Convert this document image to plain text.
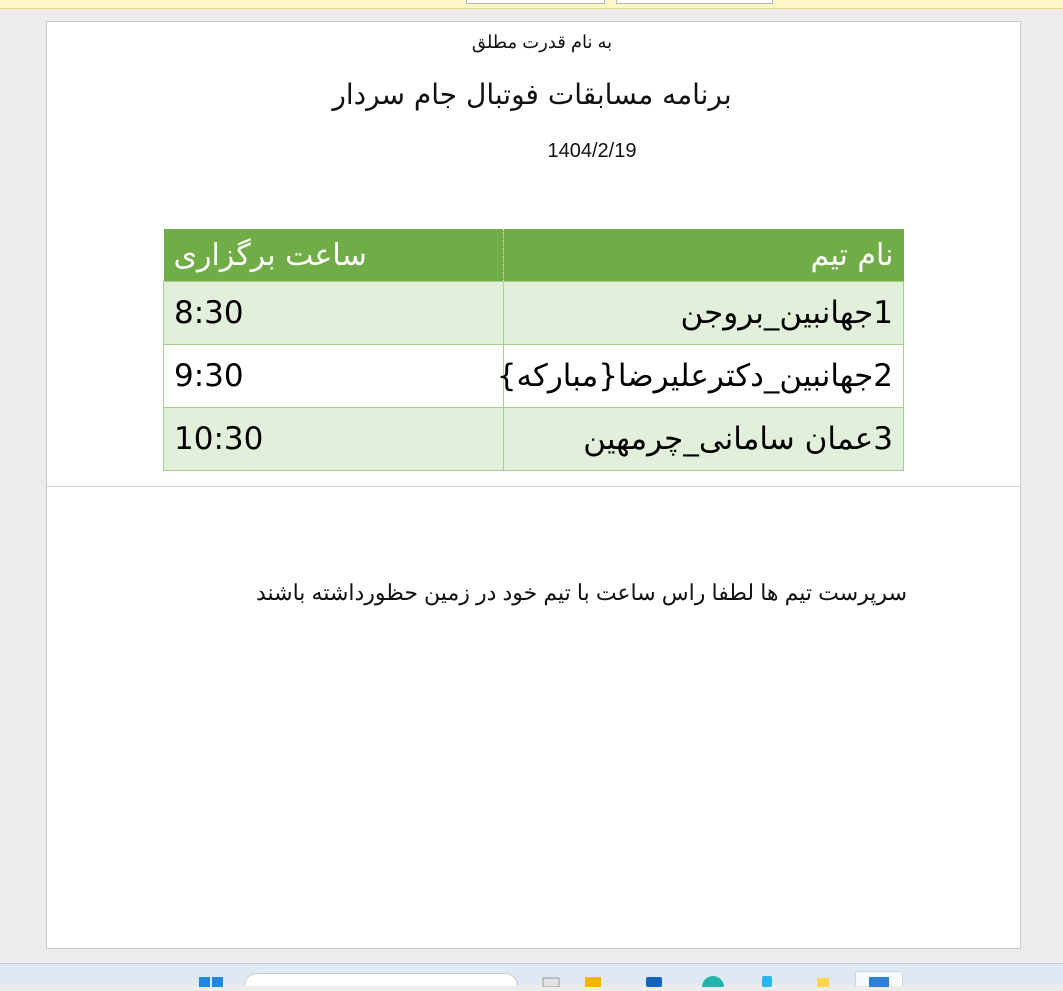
به نام قدرت مطلق
برنامه مسابقات فوتبال جام سردار
1404/2/19
ساعت برگزاری	نام تیم
8:30	1جهانبین_بروجن
9:30	2جهانبین_دکترعلیرضا{مبارکه}
10:30	3عمان سامانی_چرمهین
سرپرست تیم ها لطفا راس ساعت با تیم خود در زمین حظورداشته باشند
